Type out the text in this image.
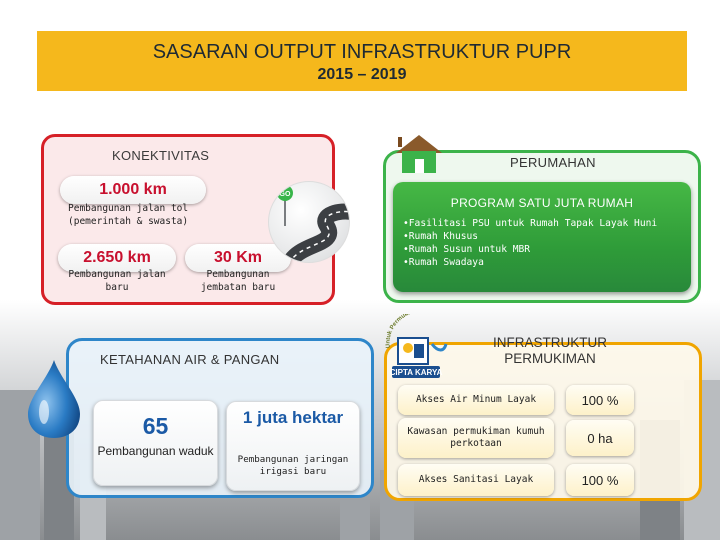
SASARAN OUTPUT INFRASTRUKTUR PUPR
2015 – 2019
KONEKTIVITAS
1.000 km
Pembangunan jalan tol (pemerintah & swasta)
2.650 km
Pembangunan jalan baru
30 Km
Pembangunan jembatan baru
GO
PERUMAHAN
PROGRAM SATU JUTA RUMAH
•Fasilitasi PSU untuk Rumah Tapak Layak Huni
•Rumah Khusus
•Rumah Susun untuk MBR
•Rumah Swadaya
KETAHANAN AIR & PANGAN
65
Pembangunan waduk
1 juta hektar
Pembangunan jaringan irigasi baru
Untuk Permuk
CIPTA KARYA
INFRASTRUKTUR PERMUKIMAN
Akses Air Minum Layak	100 %
Kawasan permukiman kumuh perkotaan	0 ha
Akses Sanitasi Layak	100 %
